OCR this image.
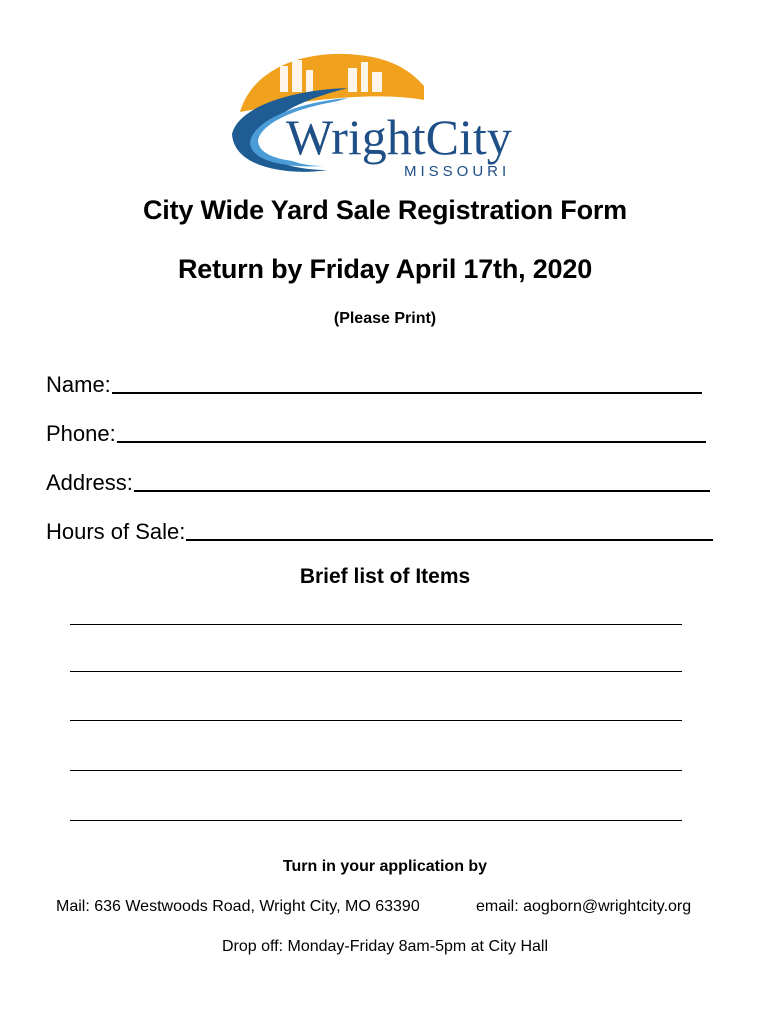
WrightCity
MISSOURI
City Wide Yard Sale Registration Form
Return by Friday April 17th, 2020
(Please Print)
Name:
Phone:
Address:
Hours of Sale:
Brief list of Items
Turn in your application by
Mail: 636 Westwoods Road, Wright City, MO 63390	email: aogborn@wrightcity.org
Drop off: Monday-Friday 8am-5pm at City Hall
